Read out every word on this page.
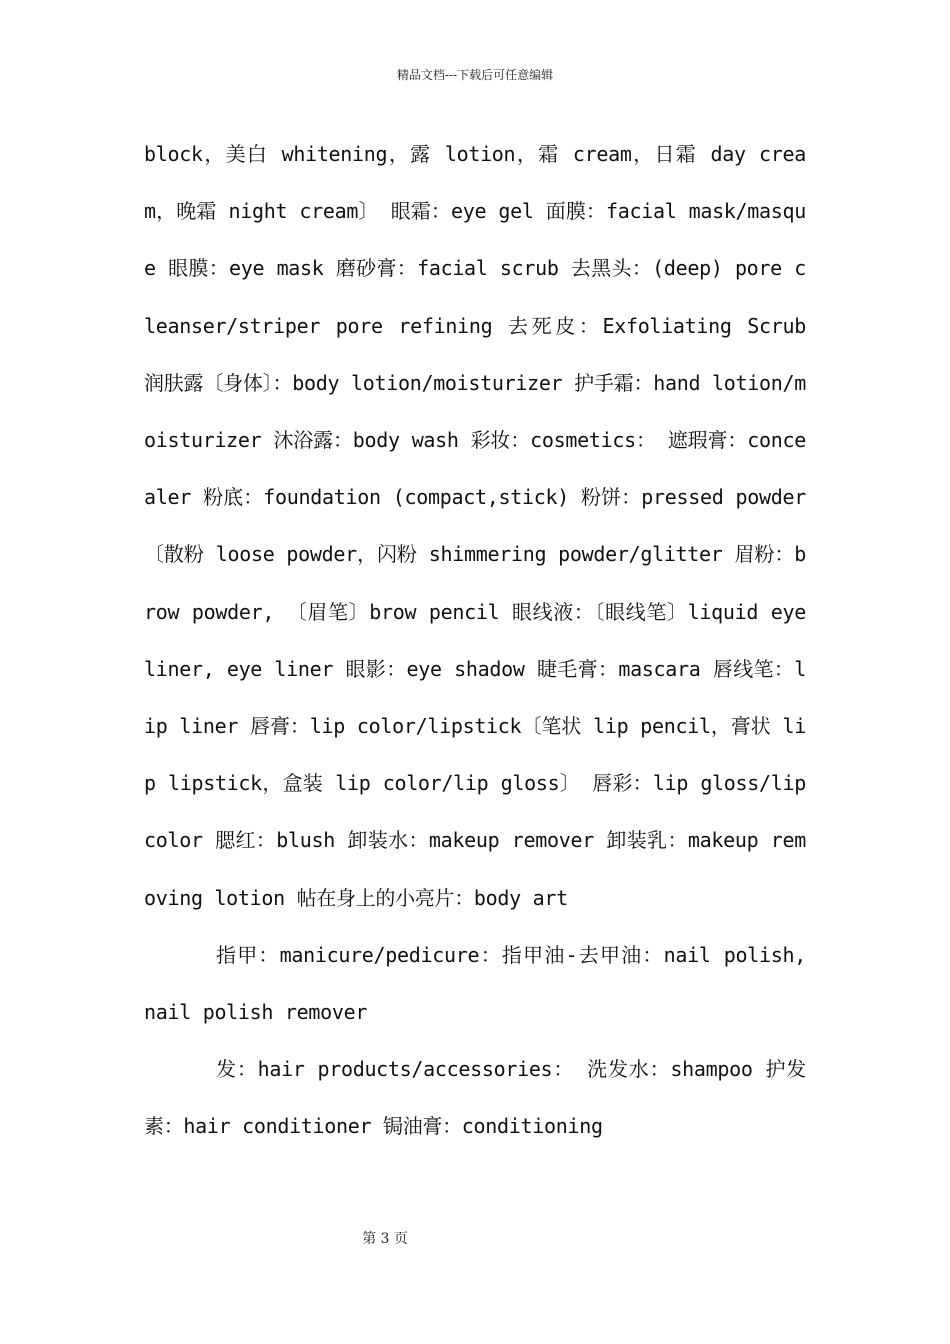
精品文档---下载后可任意编辑

block，美白 whitening，露 lotion，霜 cream，日霜 day cream，晚霜 night cream〕 眼霜：eye gel 面膜：facial mask/masque 眼膜：eye mask 磨砂膏：facial scrub 去黑头：(deep) pore cleanser/striper pore refining 去死皮：Exfoliating Scrub 润肤露〔身体〕：body lotion/moisturizer 护手霜：hand lotion/moisturizer 沐浴露：body wash 彩妆：cosmetics： 遮瑕膏：concealer 粉底：foundation (compact,stick) 粉饼：pressed powder〔散粉 loose powder，闪粉 shimmering powder/glitter 眉粉：brow powder, 〔眉笔〕brow pencil 眼线液：〔眼线笔〕liquid eye liner, eye liner 眼影：eye shadow 睫毛膏：mascara 唇线笔：lip liner 唇膏：lip color/lipstick〔笔状 lip pencil，膏状 lip lipstick，盒装 lip color/lip gloss〕 唇彩：lip gloss/lip color 腮红：blush 卸装水：makeup remover 卸装乳：makeup removing lotion 帖在身上的小亮片：body art

指甲：manicure/pedicure：指甲油-去甲油：nail polish, nail polish remover

发：hair products/accessories： 洗发水：shampoo 护发素：hair conditioner 锔油膏：conditioning

第 3 页
